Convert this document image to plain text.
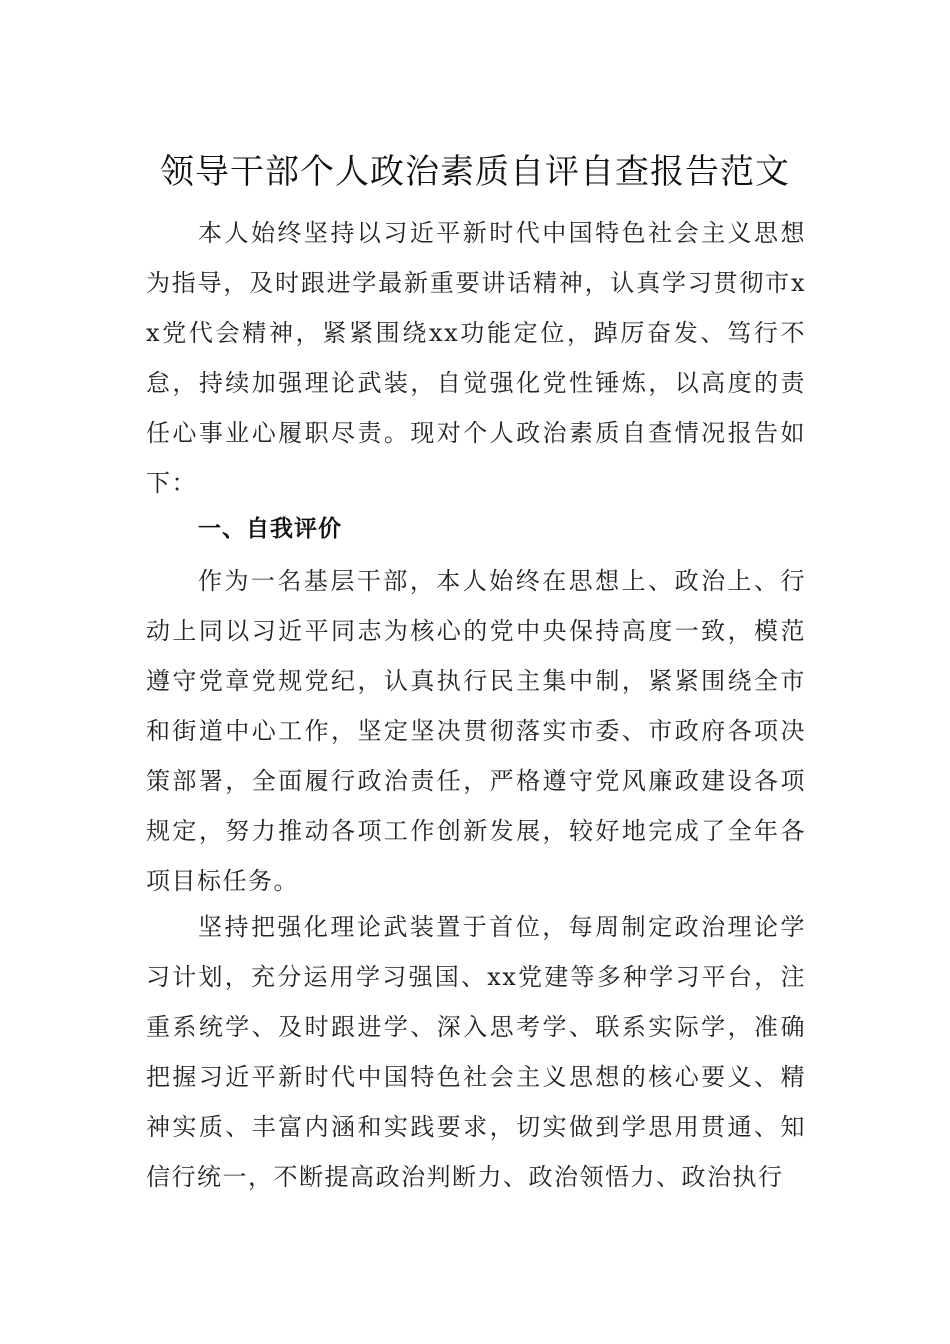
领导干部个人政治素质自评自查报告范文

本人始终坚持以习近平新时代中国特色社会主义思想为指导，及时跟进学最新重要讲话精神，认真学习贯彻市xx党代会精神，紧紧围绕xx功能定位，踔厉奋发、笃行不怠，持续加强理论武装，自觉强化党性锤炼，以高度的责任心事业心履职尽责。现对个人政治素质自查情况报告如下：

一、自我评价

作为一名基层干部，本人始终在思想上、政治上、行动上同以习近平同志为核心的党中央保持高度一致，模范遵守党章党规党纪，认真执行民主集中制，紧紧围绕全市和街道中心工作，坚定坚决贯彻落实市委、市政府各项决策部署，全面履行政治责任，严格遵守党风廉政建设各项规定，努力推动各项工作创新发展，较好地完成了全年各项目标任务。

坚持把强化理论武装置于首位，每周制定政治理论学习计划，充分运用学习强国、xx党建等多种学习平台，注重系统学、及时跟进学、深入思考学、联系实际学，准确把握习近平新时代中国特色社会主义思想的核心要义、精神实质、丰富内涵和实践要求，切实做到学思用贯通、知信行统一，不断提高政治判断力、政治领悟力、政治执行
